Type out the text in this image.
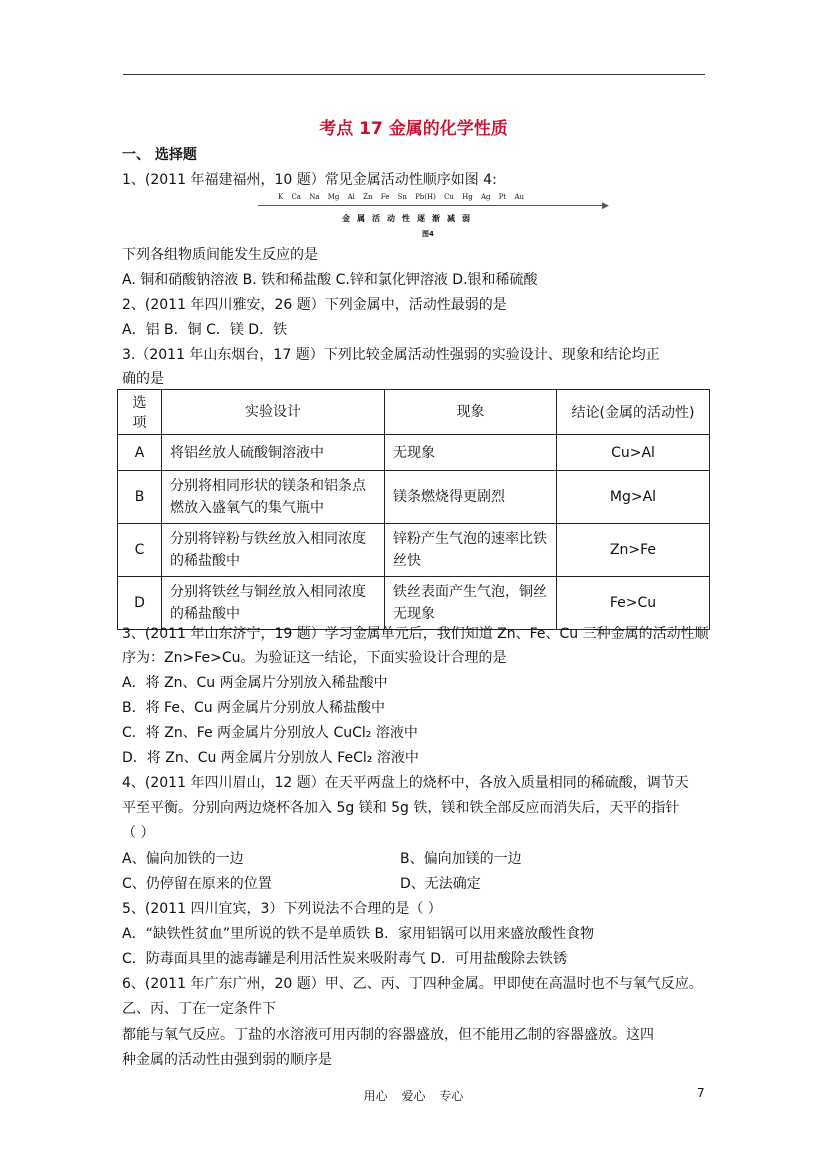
考点 17 金属的化学性质
一、 选择题
1、(2011 年福建福州，10 题）常见金属活动性顺序如图 4:
K Ca Na Mg Al Zn Fe Sn Pb(H) Cu Hg Ag Pt Au
▶
金属活动性逐渐减弱
图4
下列各组物质间能发生反应的是
A. 铜和硝酸钠溶液 B. 铁和稀盐酸 C.锌和氯化钾溶液 D.银和稀硫酸
2、(2011 年四川雅安，26 题）下列金属中，活动性最弱的是
A．铝 B．铜 C．镁 D．铁
3.（2011 年山东烟台，17 题）下列比较金属活动性强弱的实验设计、现象和结论均正
确的是
选项	实验设计	现象	结论(金属的活动性)
A	将铝丝放人硫酸铜溶液中	无现象	Cu>Al
B	分别将相同形状的镁条和铝条点燃放入盛氧气的集气瓶中	镁条燃烧得更剧烈	Mg>Al
C	分别将锌粉与铁丝放入相同浓度的稀盐酸中	锌粉产生气泡的速率比铁丝快	Zn>Fe
D	分别将铁丝与铜丝放入相同浓度的稀盐酸中	铁丝表面产生气泡，铜丝无现象	Fe>Cu
3、(2011 年山东济宁，19 题）学习金属单元后，我们知道 Zn、Fe、Cu 三种金属的活动性顺
序为：Zn>Fe>Cu。为验证这一结论，下面实验设计合理的是
A．将 Zn、Cu 两金属片分别放入稀盐酸中
B．将 Fe、Cu 两金属片分别放人稀盐酸中
C．将 Zn、Fe 两金属片分别放人 CuCl₂ 溶液中
D．将 Zn、Cu 两金属片分别放人 FeCl₂ 溶液中
4、(2011 年四川眉山，12 题）在天平两盘上的烧杯中，各放入质量相同的稀硫酸，调节天
平至平衡。分别向两边烧杯各加入 5g 镁和 5g 铁，镁和铁全部反应而消失后，天平的指针
（ ）
A、偏向加铁的一边	B、偏向加镁的一边
C、仍停留在原来的位置	D、无法确定
5、(2011 四川宜宾，3）下列说法不合理的是（ ）
A．“缺铁性贫血”里所说的铁不是单质铁 B．家用铝锅可以用来盛放酸性食物
C．防毒面具里的滤毒罐是利用活性炭来吸附毒气 D．可用盐酸除去铁锈
6、(2011 年广东广州，20 题）甲、乙、丙、丁四种金属。甲即使在高温时也不与氧气反应。
乙、丙、丁在一定条件下
都能与氧气反应。丁盐的水溶液可用丙制的容器盛放，但不能用乙制的容器盛放。这四
种金属的活动性由强到弱的顺序是
用心 爱心 专心	7
